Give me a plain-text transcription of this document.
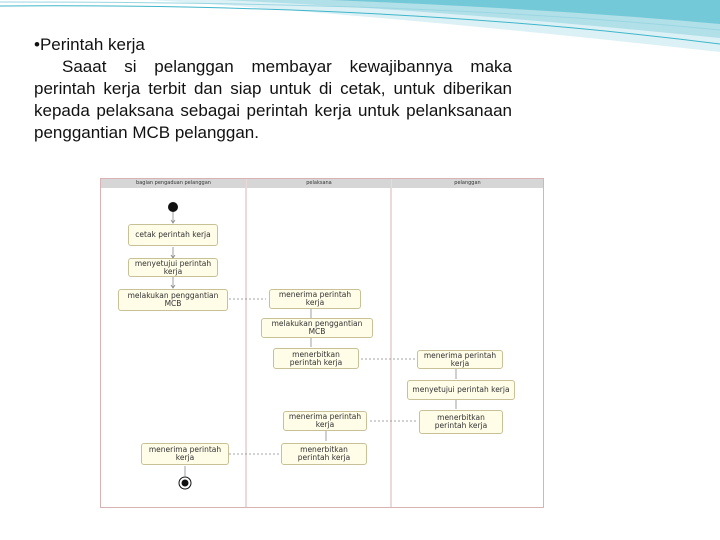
•Perintah kerja

Saaat si pelanggan membayar kewajibannya maka perintah kerja terbit dan siap untuk di cetak, untuk diberikan kepada pelaksana sebagai perintah kerja untuk pelanksanaan penggantian MCB pelanggan.

bagian pengaduan pelanggan	pelaksana	pelanggan
cetak perintah kerja
menyetujui perintah kerja
melakukan penggantian MCB
menerima perintah kerja
melakukan penggantian MCB
menerbitkan perintah kerja
menerima perintah kerja
menyetujui perintah kerja
menerima perintah kerja
menerbitkan perintah kerja
menerima perintah kerja
menerbitkan perintah kerja
